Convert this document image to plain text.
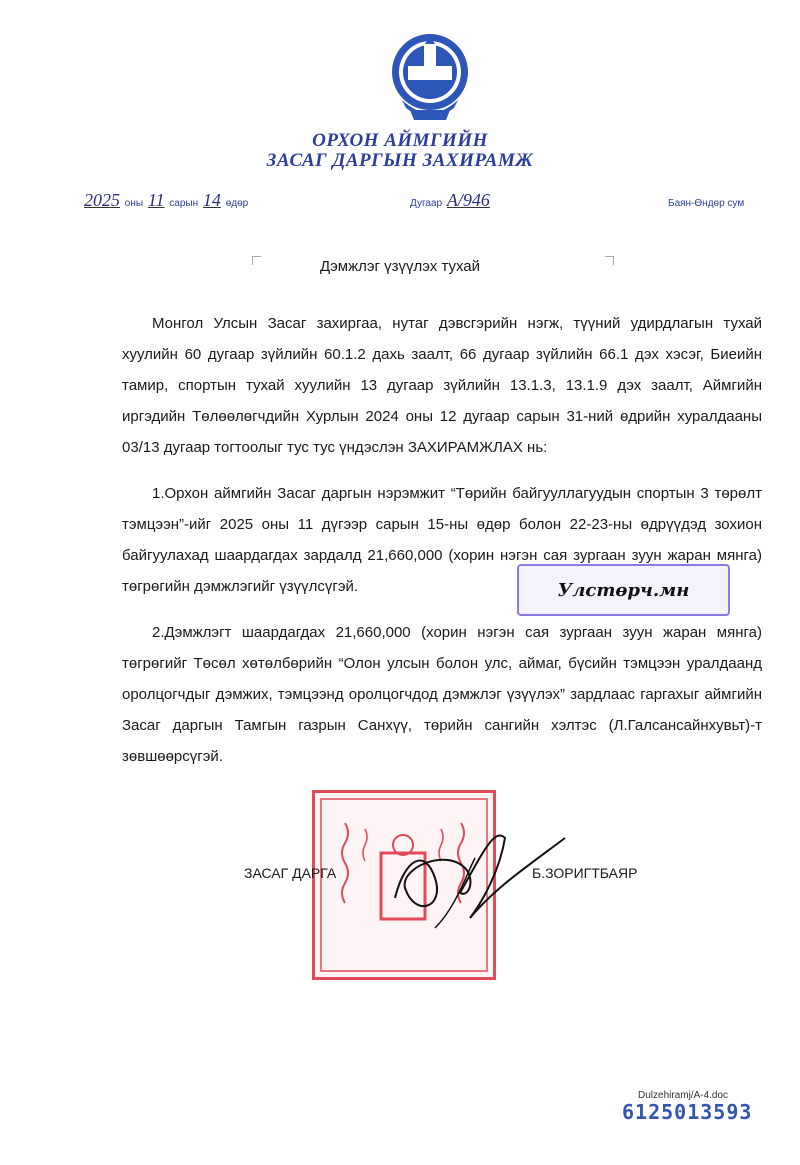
ОРХОН АЙМГИЙН
ЗАСАГ ДАРГЫН ЗАХИРАМЖ
2025 оны 11 сарын 14 өдөр	Дугаар А/946	Баян-Өндөр сум
Дэмжлэг үзүүлэх тухай
Монгол Улсын Засаг захиргаа, нутаг дэвсгэрийн нэгж, түүний удирдлагын тухай хуулийн 60 дугаар зүйлийн 60.1.2 дахь заалт, 66 дугаар зүйлийн 66.1 дэх хэсэг, Биеийн тамир, спортын тухай хуулийн 13 дугаар зүйлийн 13.1.3, 13.1.9 дэх заалт, Аймгийн иргэдийн Төлөөлөгчдийн Хурлын 2024 оны 12 дугаар сарын 31-ний өдрийн хуралдааны 03/13 дугаар тогтоолыг тус тус үндэслэн ЗАХИРАМЖЛАХ нь:
1.Орхон аймгийн Засаг даргын нэрэмжит “Төрийн байгууллагуудын спортын 3 төрөлт тэмцээн”-ийг 2025 оны 11 дүгээр сарын 15-ны өдөр болон 22-23-ны өдрүүдэд зохион байгуулахад шаардагдах зардалд 21,660,000 (хорин нэгэн сая зургаан зуун жаран мянга) төгрөгийн дэмжлэгийг үзүүлсүгэй.
2.Дэмжлэгт шаардагдах 21,660,000 (хорин нэгэн сая зургаан зуун жаран мянга) төгрөгийг Төсөл хөтөлбөрийн “Олон улсын болон улс, аймаг, бүсийн тэмцээн уралдаанд оролцогчдыг дэмжих, тэмцээнд оролцогчдод дэмжлэг үзүүлэх” зардлаас гаргахыг аймгийн Засаг даргын Тамгын газрын Санхүү, төрийн сангийн хэлтэс (Л.Галсансайнхувьт)-т зөвшөөрсүгэй.
Улстөрч.мн
ЗАСАГ ДАРГА	Б.ЗОРИГТБАЯР
Dulzehiramj/А-4.doc
6125013593
